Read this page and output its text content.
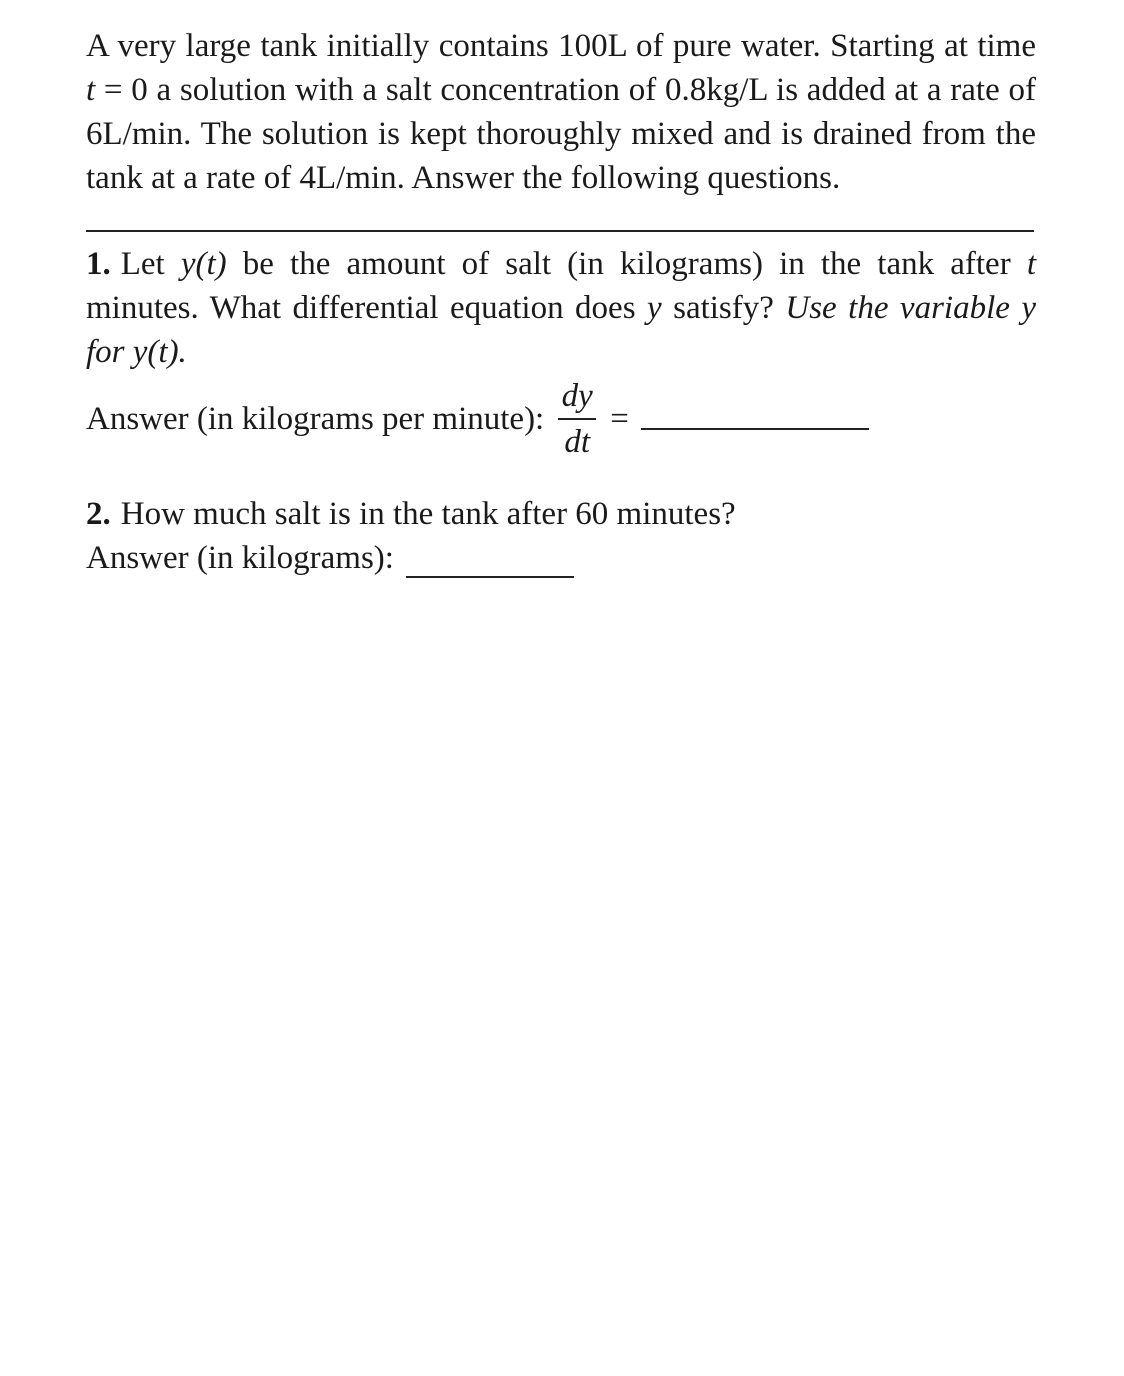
A very large tank initially contains 100L of pure water. Starting at time t = 0 a solution with a salt concentration of 0.8kg/L is added at a rate of 6L/min. The solution is kept thoroughly mixed and is drained from the tank at a rate of 4L/min. Answer the following questions.

1. Let y(t) be the amount of salt (in kilograms) in the tank after t minutes. What differential equation does y satisfy? Use the variable y for y(t).

Answer (in kilograms per minute): $\frac{dy}{dt}$ =

2. How much salt is in the tank after 60 minutes?

Answer (in kilograms):
